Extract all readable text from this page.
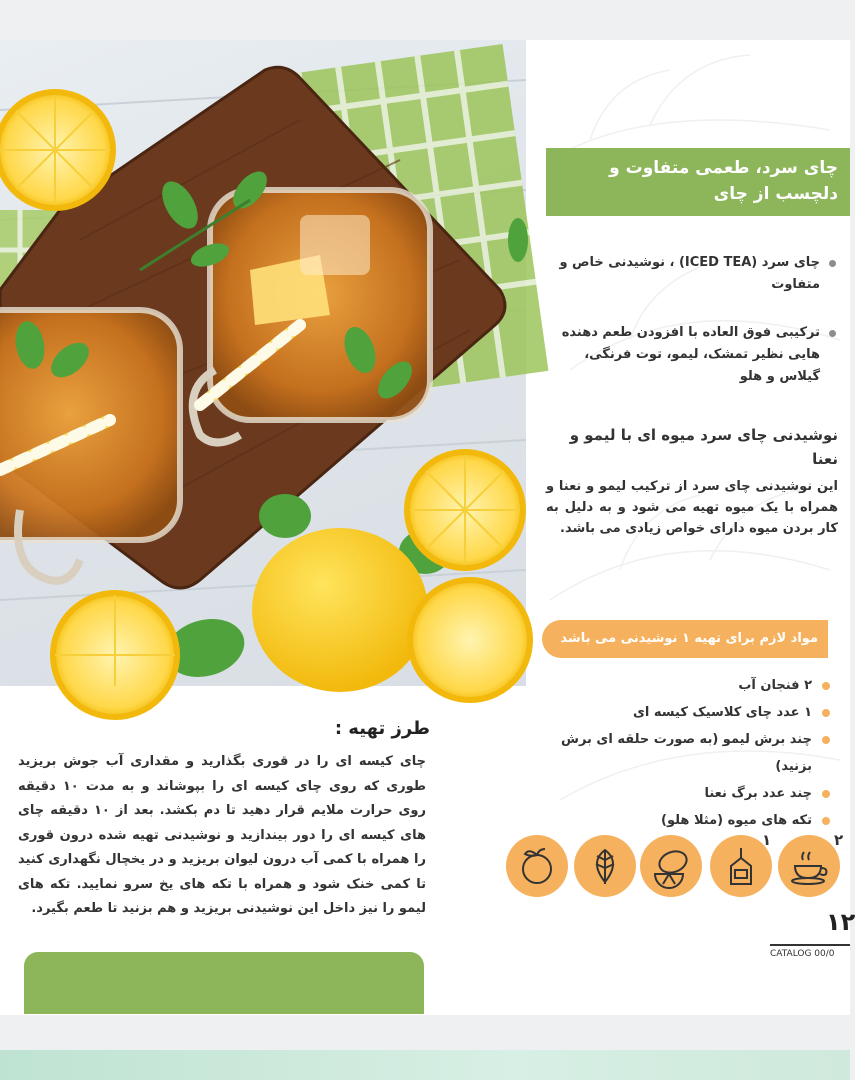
چای سرد، طعمی متفاوت و دلچسب از چای

چای سرد (ICED TEA) ، نوشیدنی خاص و متفاوت

ترکیبی فوق العاده با افزودن طعم دهنده هایی نظیر تمشک، لیمو، توت فرنگی، گیلاس و هلو

نوشیدنی چای سرد میوه ای با لیمو و نعنا
این نوشیدنی چای سرد از ترکیب لیمو و نعنا و همراه با یک میوه تهیه می شود و به دلیل به کار بردن میوه دارای خواص زیادی می باشد.
مواد لازم برای تهیه ۱ نوشیدنی می باشد
۲ فنجان آب
۱ عدد چای کلاسیک کیسه ای
چند برش لیمو (به صورت حلقه ای برش بزنید)
چند عدد برگ نعنا
تکه های میوه (مثلا هلو)
۱	۲
۱۲
CATALOG 00/0
طرز تهیه :
چای کیسه ای را در قوری بگذارید و مقداری آب جوش بریزید طوری که روی چای کیسه ای را بپوشاند و به مدت ۱۰ دقیقه روی حرارت ملایم قرار دهید تا دم بکشد. بعد از ۱۰ دقیقه چای های کیسه ای را دور بیندازید و نوشیدنی تهیه شده درون قوری را همراه با کمی آب درون لیوان بریزید و در یخچال نگهداری کنید تا کمی خنک شود و همراه با تکه های یخ سرو نمایید. تکه های لیمو را نیز داخل این نوشیدنی بریزید و هم بزنید تا طعم بگیرد.
